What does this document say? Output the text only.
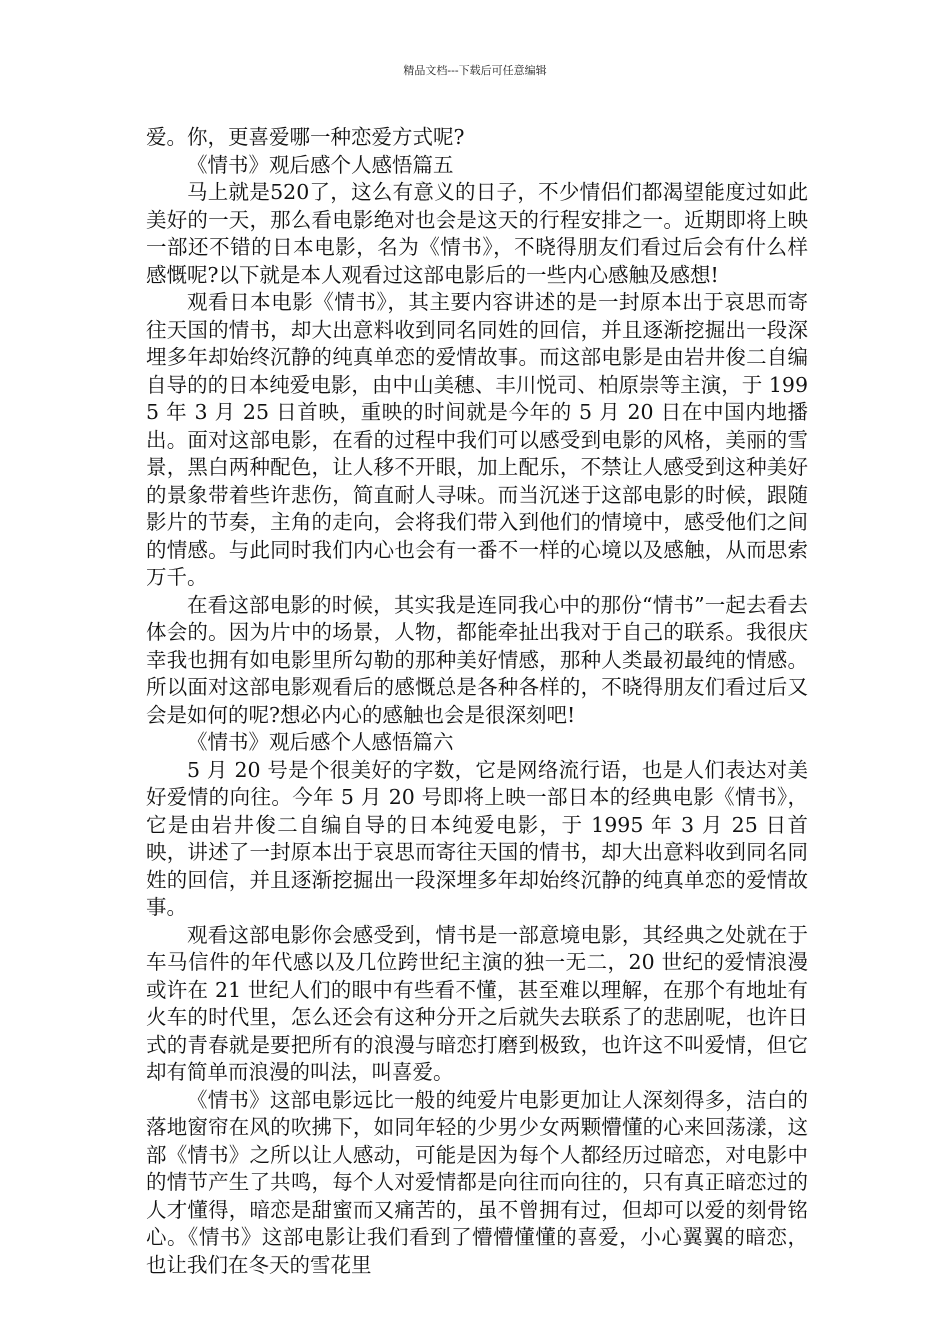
精品文档---下载后可任意编辑

爱。你，更喜爱哪一种恋爱方式呢?

《情书》观后感个人感悟篇五

马上就是520了，这么有意义的日子，不少情侣们都渴望能度过如此美好的一天，那么看电影绝对也会是这天的行程安排之一。近期即将上映一部还不错的日本电影，名为《情书》，不晓得朋友们看过后会有什么样感慨呢?以下就是本人观看过这部电影后的一些内心感触及感想!

观看日本电影《情书》，其主要内容讲述的是一封原本出于哀思而寄往天国的情书，却大出意料收到同名同姓的回信，并且逐渐挖掘出一段深埋多年却始终沉静的纯真单恋的爱情故事。而这部电影是由岩井俊二自编自导的的日本纯爱电影，由中山美穗、丰川悦司、柏原崇等主演，于 1995 年 3 月 25 日首映，重映的时间就是今年的 5 月 20 日在中国内地播出。面对这部电影，在看的过程中我们可以感受到电影的风格，美丽的雪景，黑白两种配色，让人移不开眼，加上配乐，不禁让人感受到这种美好的景象带着些许悲伤，简直耐人寻味。而当沉迷于这部电影的时候，跟随影片的节奏，主角的走向，会将我们带入到他们的情境中，感受他们之间的情感。与此同时我们内心也会有一番不一样的心境以及感触，从而思索万千。

在看这部电影的时候，其实我是连同我心中的那份“情书”一起去看去体会的。因为片中的场景，人物，都能牵扯出我对于自己的联系。我很庆幸我也拥有如电影里所勾勒的那种美好情感，那种人类最初最纯的情感。所以面对这部电影观看后的感慨总是各种各样的，不晓得朋友们看过后又会是如何的呢?想必内心的感触也会是很深刻吧!

《情书》观后感个人感悟篇六

5 月 20 号是个很美好的字数，它是网络流行语，也是人们表达对美好爱情的向往。今年 5 月 20 号即将上映一部日本的经典电影《情书》，它是由岩井俊二自编自导的日本纯爱电影，于 1995 年 3 月 25 日首映，讲述了一封原本出于哀思而寄往天国的情书，却大出意料收到同名同姓的回信，并且逐渐挖掘出一段深埋多年却始终沉静的纯真单恋的爱情故事。

观看这部电影你会感受到，情书是一部意境电影，其经典之处就在于车马信件的年代感以及几位跨世纪主演的独一无二，20 世纪的爱情浪漫或许在 21 世纪人们的眼中有些看不懂，甚至难以理解，在那个有地址有火车的时代里，怎么还会有这种分开之后就失去联系了的悲剧呢，也许日式的青春就是要把所有的浪漫与暗恋打磨到极致，也许这不叫爱情，但它却有简单而浪漫的叫法，叫喜爱。

《情书》这部电影远比一般的纯爱片电影更加让人深刻得多，洁白的落地窗帘在风的吹拂下，如同年轻的少男少女两颗懵懂的心来回荡漾，这部《情书》之所以让人感动，可能是因为每个人都经历过暗恋，对电影中的情节产生了共鸣，每个人对爱情都是向往而向往的，只有真正暗恋过的人才懂得，暗恋是甜蜜而又痛苦的，虽不曾拥有过，但却可以爱的刻骨铭心。《情书》这部电影让我们看到了懵懵懂懂的喜爱，小心翼翼的暗恋，也让我们在冬天的雪花里
